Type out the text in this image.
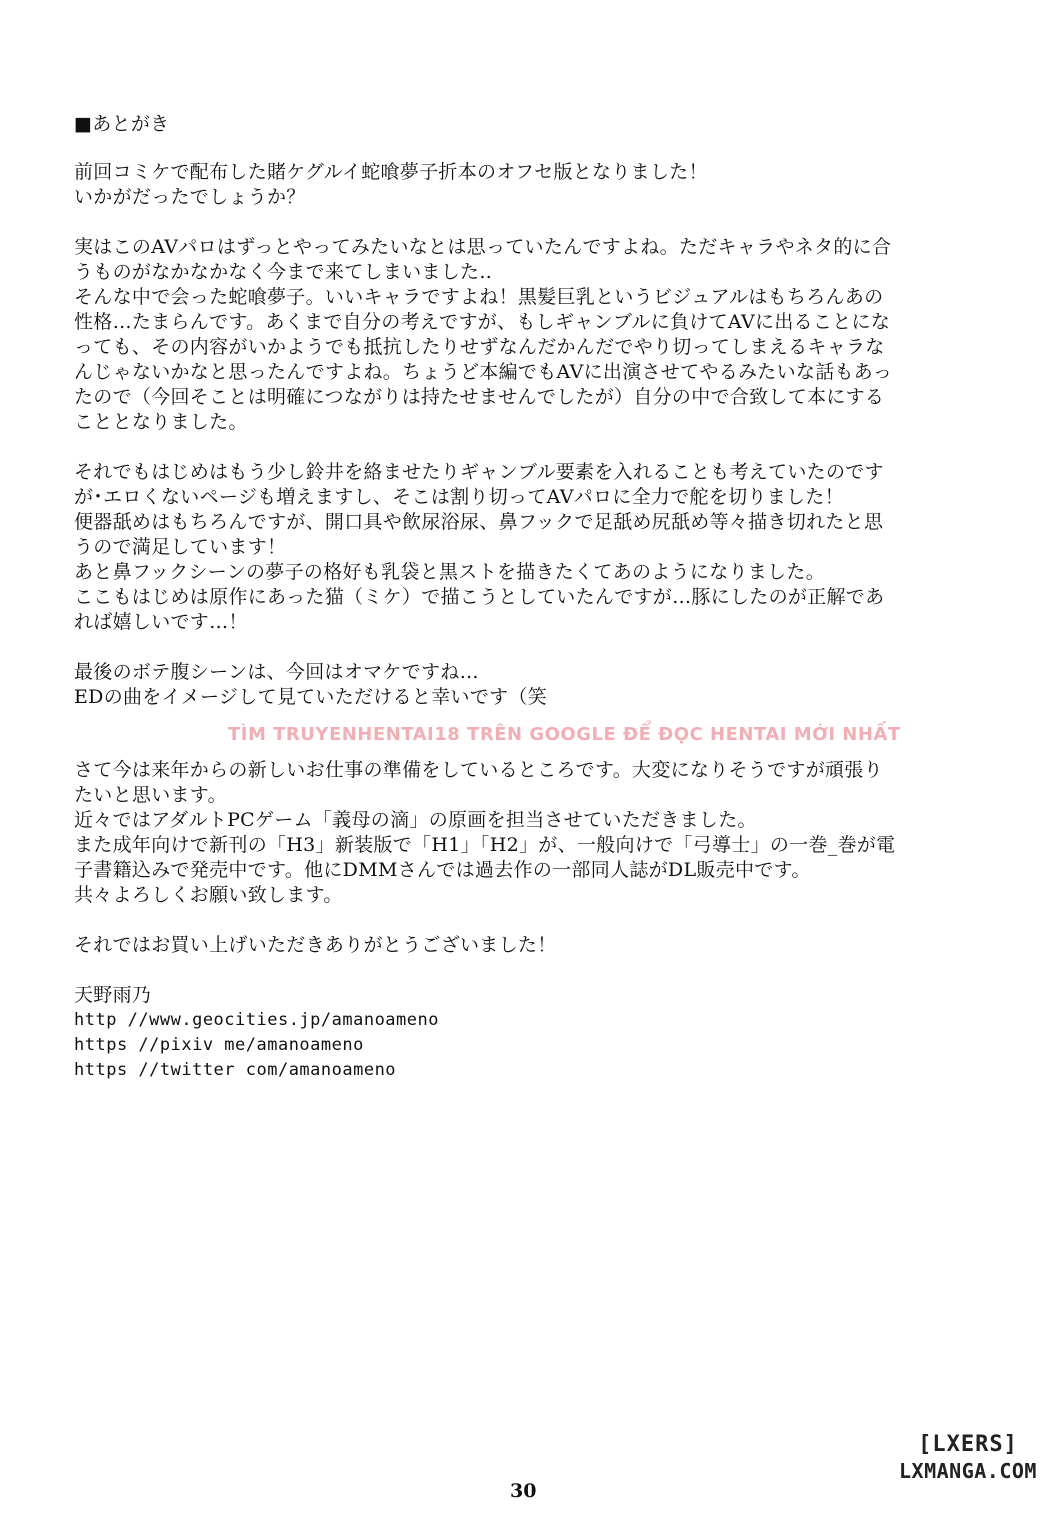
■あとがき
前回コミケで配布した賭ケグルイ蛇喰夢子折本のオフセ版となりました！
いかがだったでしょうか？
実はこのAVパロはずっとやってみたいなとは思っていたんですよね。ただキャラやネタ的に合
うものがなかなかなく今まで来てしまいました‥
そんな中で会った蛇喰夢子。いいキャラですよね！黒髪巨乳というビジュアルはもちろんあの
性格…たまらんです。あくまで自分の考えですが、もしギャンブルに負けてAVに出ることにな
っても、その内容がいかようでも抵抗したりせずなんだかんだでやり切ってしまえるキャラな
んじゃないかなと思ったんですよね。ちょうど本編でもAVに出演させてやるみたいな話もあっ
たので（今回そことは明確につながりは持たせませんでしたが）自分の中で合致して本にする
こととなりました。
それでもはじめはもう少し鈴井を絡ませたりギャンブル要素を入れることも考えていたのです
が･エロくないページも増えますし、そこは割り切ってAVパロに全力で舵を切りました！
便器舐めはもちろんですが、開口具や飲尿浴尿、鼻フックで足舐め尻舐め等々描き切れたと思
うので満足しています！
あと鼻フックシーンの夢子の格好も乳袋と黒ストを描きたくてあのようになりました。
ここもはじめは原作にあった猫（ミケ）で描こうとしていたんですが…豚にしたのが正解であ
れば嬉しいです…！
最後のボテ腹シーンは、今回はオマケですね…
EDの曲をイメージして見ていただけると幸いです（笑
さて今は来年からの新しいお仕事の準備をしているところです。大変になりそうですが頑張り
たいと思います。
近々ではアダルトPCゲーム「義母の滴」の原画を担当させていただきました。
また成年向けで新刊の「H3」新装版で「H1」「H2」が、一般向けで「弓導士」の一巻_巻が電
子書籍込みで発売中です。他にDMMさんでは過去作の一部同人誌がDL販売中です。
共々よろしくお願い致します。
それではお買い上げいただきありがとうございました！
天野雨乃
http //www.geocities.jp/amanoameno
https //pixiv me/amanoameno
https //twitter com/amanoameno
TÌM TRUYENHENTAI18 TRÊN GOOGLE ĐỂ ĐỌC HENTAI MỚI NHẤT
[LXERS]
LXMANGA.COM
30
